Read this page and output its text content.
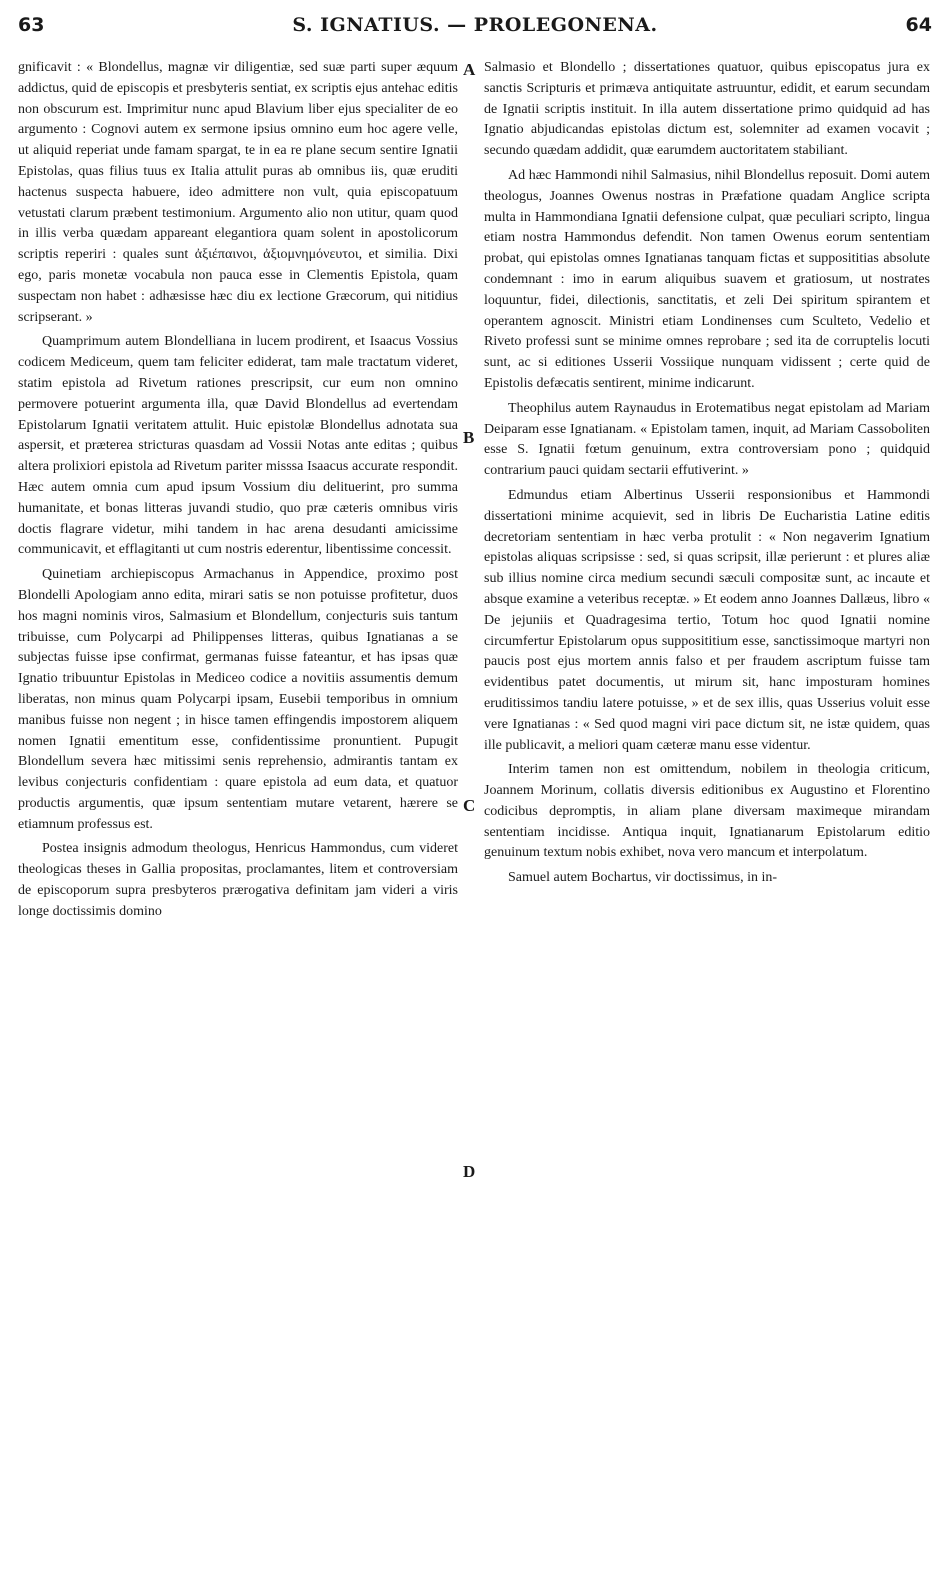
63	S. IGNATIUS. — PROLEGONENA.	64

gnificavit : « Blondellus, magnæ vir diligentiæ, sed suæ parti super æquum addictus, quid de episcopis et presbyteris sentiat, ex scriptis ejus antehac editis non obscurum est. Imprimitur nunc apud Blavium liber ejus specialiter de eo argumento : Cognovi autem ex sermone ipsius omnino eum hoc agere velle, ut aliquid reperiat unde famam spargat, te in ea re plane secum sentire Ignatii Epistolas, quas filius tuus ex Italia attulit puras ab omnibus iis, quæ eruditi hactenus suspecta habuere, ideo admittere non vult, quia episcopatuum vetustati clarum præbent testimonium. Argumento alio non utitur, quam quod in illis verba quædam appareant elegantiora quam solent in apostolicorum scriptis reperiri : quales sunt ἀξιέπαινοι, ἀξιομνημόνευτοι, et similia. Dixi ego, paris monetæ vocabula non pauca esse in Clementis Epistola, quam suspectam non habet : adhæsisse hæc diu ex lectione Græcorum, qui nitidius scripserant. »

Quamprimum autem Blondelliana in lucem prodirent, et Isaacus Vossius codicem Mediceum, quem tam feliciter ediderat, tam male tractatum videret, statim epistola ad Rivetum rationes prescripsit, cur eum non omnino permovere potuerint argumenta illa, quæ David Blondellus ad evertendam Epistolarum Ignatii veritatem attulit. Huic epistolæ Blondellus adnotata sua aspersit, et præterea stricturas quasdam ad Vossii Notas ante editas ; quibus altera prolixiori epistola ad Rivetum pariter misssa Isaacus accurate respondit. Hæc autem omnia cum apud ipsum Vossium diu delituerint, pro summa humanitate, et bonas litteras juvandi studio, quo præ cæteris omnibus viris doctis flagrare videtur, mihi tandem in hac arena desudanti amicissime communicavit, et efflagitanti ut cum nostris ederentur, libentissime concessit.

Quinetiam archiepiscopus Armachanus in Appendice, proximo post Blondelli Apologiam anno edita, mirari satis se non potuisse profitetur, duos hos magni nominis viros, Salmasium et Blondellum, conjecturis suis tantum tribuisse, cum Polycarpi ad Philippenses litteras, quibus Ignatianas a se subjectas fuisse ipse confirmat, germanas fuisse fateantur, et has ipsas quæ Ignatio tribuuntur Epistolas in Mediceo codice a novitiis assumentis demum liberatas, non minus quam Polycarpi ipsam, Eusebii temporibus in omnium manibus fuisse non negent ; in hisce tamen effingendis impostorem aliquem nomen Ignatii ementitum esse, confidentissime pronuntient. Pupugit Blondellum severa hæc mitissimi senis reprehensio, admirantis tantam ex levibus conjecturis confidentiam : quare epistola ad eum data, et quatuor productis argumentis, quæ ipsum sententiam mutare vetarent, hærere se etiamnum professus est.

Postea insignis admodum theologus, Henricus Hammondus, cum videret theologicas theses in Gallia propositas, proclamantes, litem et controversiam de episcoporum supra presbyteros prærogativa definitam jam videri a viris longe doctissimis domino

A
B
C
D

Salmasio et Blondello ; dissertationes quatuor, quibus episcopatus jura ex sanctis Scripturis et primæva antiquitate astruuntur, edidit, et earum secundam de Ignatii scriptis instituit. In illa autem dissertatione primo quidquid ad has Ignatio abjudicandas epistolas dictum est, solemniter ad examen vocavit ; secundo quædam addidit, quæ earumdem auctoritatem stabiliant.

Ad hæc Hammondi nihil Salmasius, nihil Blondellus reposuit. Domi autem theologus, Joannes Owenus nostras in Præfatione quadam Anglice scripta multa in Hammondiana Ignatii defensione culpat, quæ peculiari scripto, lingua etiam nostra Hammondus defendit. Non tamen Owenus eorum sententiam probat, qui epistolas omnes Ignatianas tanquam fictas et supposititias absolute condemnant : imo in earum aliquibus suavem et gratiosum, ut nostrates loquuntur, fidei, dilectionis, sanctitatis, et zeli Dei spiritum spirantem et operantem agnoscit. Ministri etiam Londinenses cum Sculteto, Vedelio et Riveto professi sunt se minime omnes reprobare ; sed ita de corruptelis locuti sunt, ac si editiones Usserii Vossiique nunquam vidissent ; certe quid de Epistolis defæcatis sentirent, minime indicarunt.

Theophilus autem Raynaudus in Erotematibus negat epistolam ad Mariam Deiparam esse Ignatianam. « Epistolam tamen, inquit, ad Mariam Cassoboliten esse S. Ignatii fœtum genuinum, extra controversiam pono ; quidquid contrarium pauci quidam sectarii effutiverint. »

Edmundus etiam Albertinus Usserii responsionibus et Hammondi dissertationi minime acquievit, sed in libris De Eucharistia Latine editis decretoriam sententiam in hæc verba protulit : « Non negaverim Ignatium epistolas aliquas scripsisse : sed, si quas scripsit, illæ perierunt : et plures aliæ sub illius nomine circa medium secundi sæculi compositæ sunt, ac incaute et absque examine a veteribus receptæ. » Et eodem anno Joannes Dallæus, libro « De jejuniis et Quadragesima tertio, Totum hoc quod Ignatii nomine circumfertur Epistolarum opus supposititium esse, sanctissimoque martyri non paucis post ejus mortem annis falso et per fraudem ascriptum fuisse tam evidentibus patet documentis, ut mirum sit, hanc imposturam homines eruditissimos tandiu latere potuisse, » et de sex illis, quas Usserius voluit esse vere Ignatianas : « Sed quod magni viri pace dictum sit, ne istæ quidem, quas ille publicavit, a meliori quam cæteræ manu esse videntur.

Interim tamen non est omittendum, nobilem in theologia criticum, Joannem Morinum, collatis diversis editionibus ex Augustino et Florentino codicibus depromptis, in aliam plane diversam maximeque mirandam sententiam incidisse. Antiqua inquit, Ignatianarum Epistolarum editio genuinum textum nobis exhibet, nova vero mancum et interpolatum.

Samuel autem Bochartus, vir doctissimus, in in-
